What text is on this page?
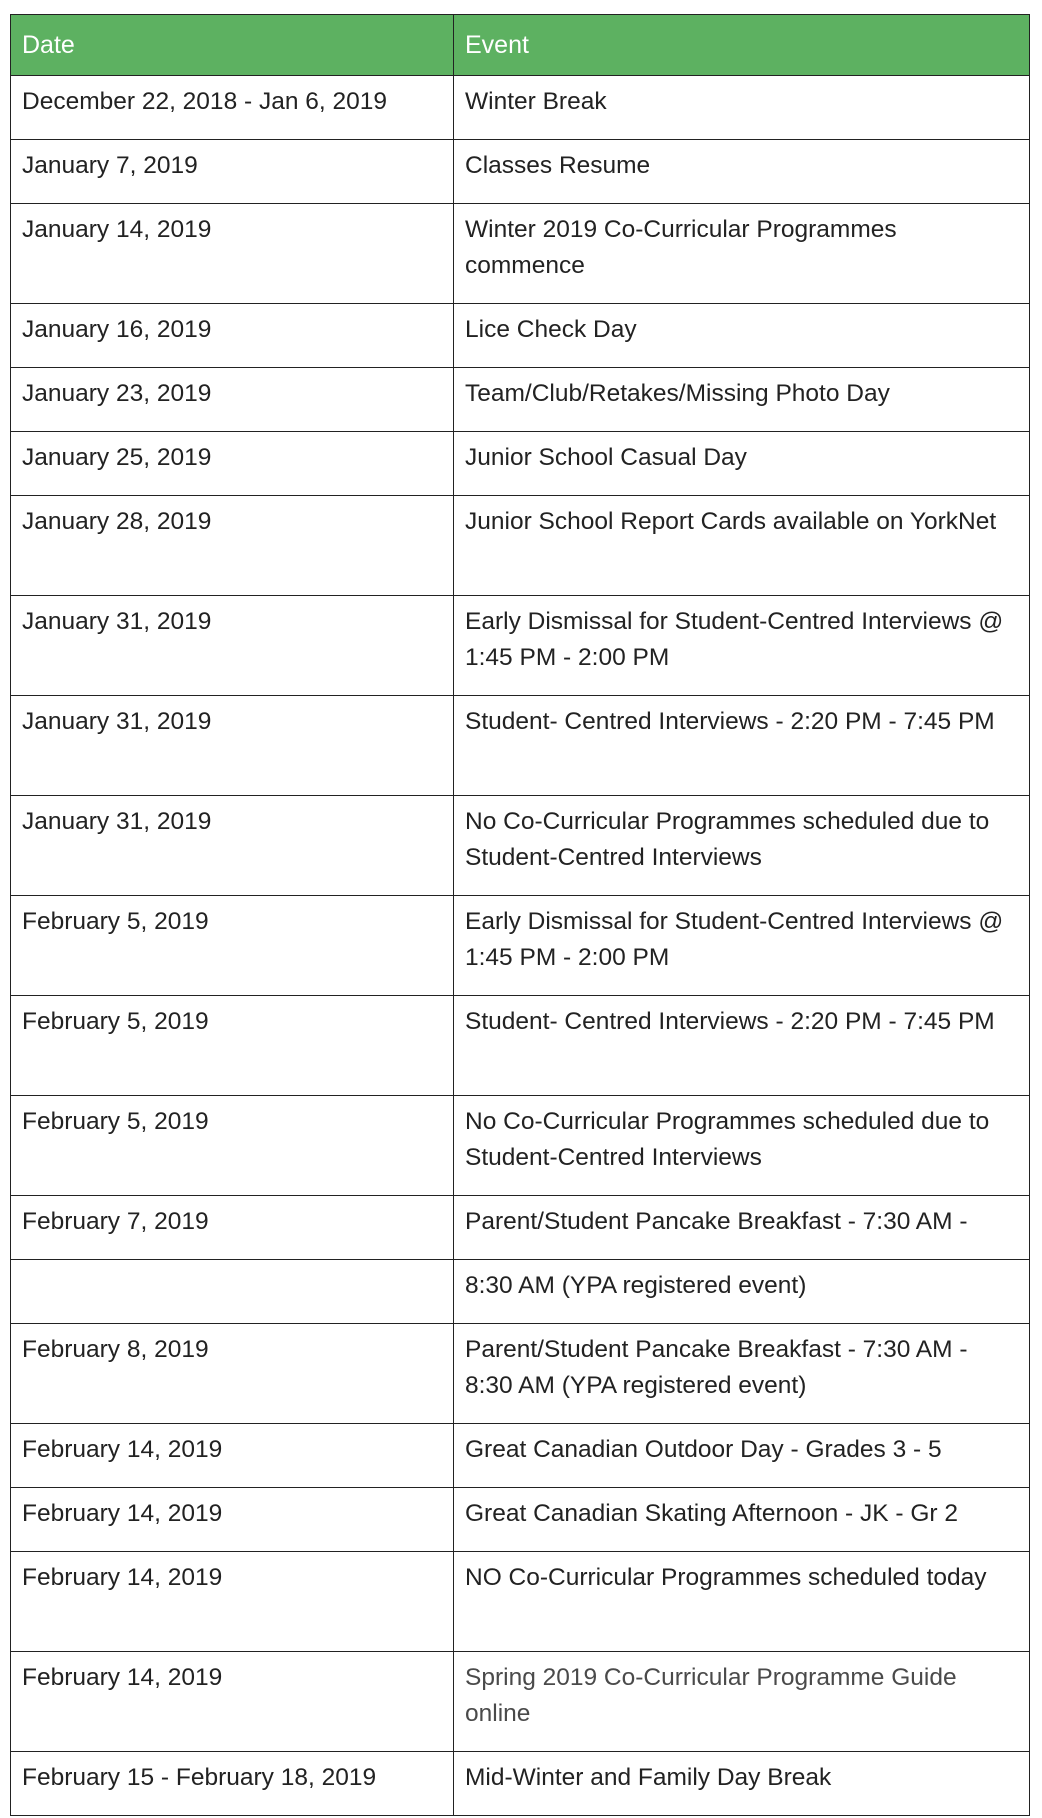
Date	Event
December 22, 2018 - Jan 6, 2019	Winter Break
January 7, 2019	Classes Resume
January 14, 2019	Winter 2019 Co-Curricular Programmes commence
January 16, 2019	Lice Check Day
January 23, 2019	Team/Club/Retakes/Missing Photo Day
January 25, 2019	Junior School Casual Day
January 28, 2019	Junior School Report Cards available on YorkNet
January 31, 2019	Early Dismissal for Student-Centred Interviews @ 1:45 PM - 2:00 PM
January 31, 2019	Student- Centred Interviews - 2:20 PM - 7:45 PM
January 31, 2019	No Co-Curricular Programmes scheduled due to Student-Centred Interviews
February 5, 2019	Early Dismissal for Student-Centred Interviews @ 1:45 PM - 2:00 PM
February 5, 2019	Student- Centred Interviews - 2:20 PM - 7:45 PM
February 5, 2019	No Co-Curricular Programmes scheduled due to Student-Centred Interviews
February 7, 2019	Parent/Student Pancake Breakfast - 7:30 AM -
	8:30 AM (YPA registered event)
February 8, 2019	Parent/Student Pancake Breakfast - 7:30 AM - 8:30 AM (YPA registered event)
February 14, 2019	Great Canadian Outdoor Day - Grades 3 - 5
February 14, 2019	Great Canadian Skating Afternoon - JK - Gr 2
February 14, 2019	NO Co-Curricular Programmes scheduled today
February 14, 2019	Spring 2019 Co-Curricular Programme Guide online
February 15 - February 18, 2019	Mid-Winter and Family Day Break
